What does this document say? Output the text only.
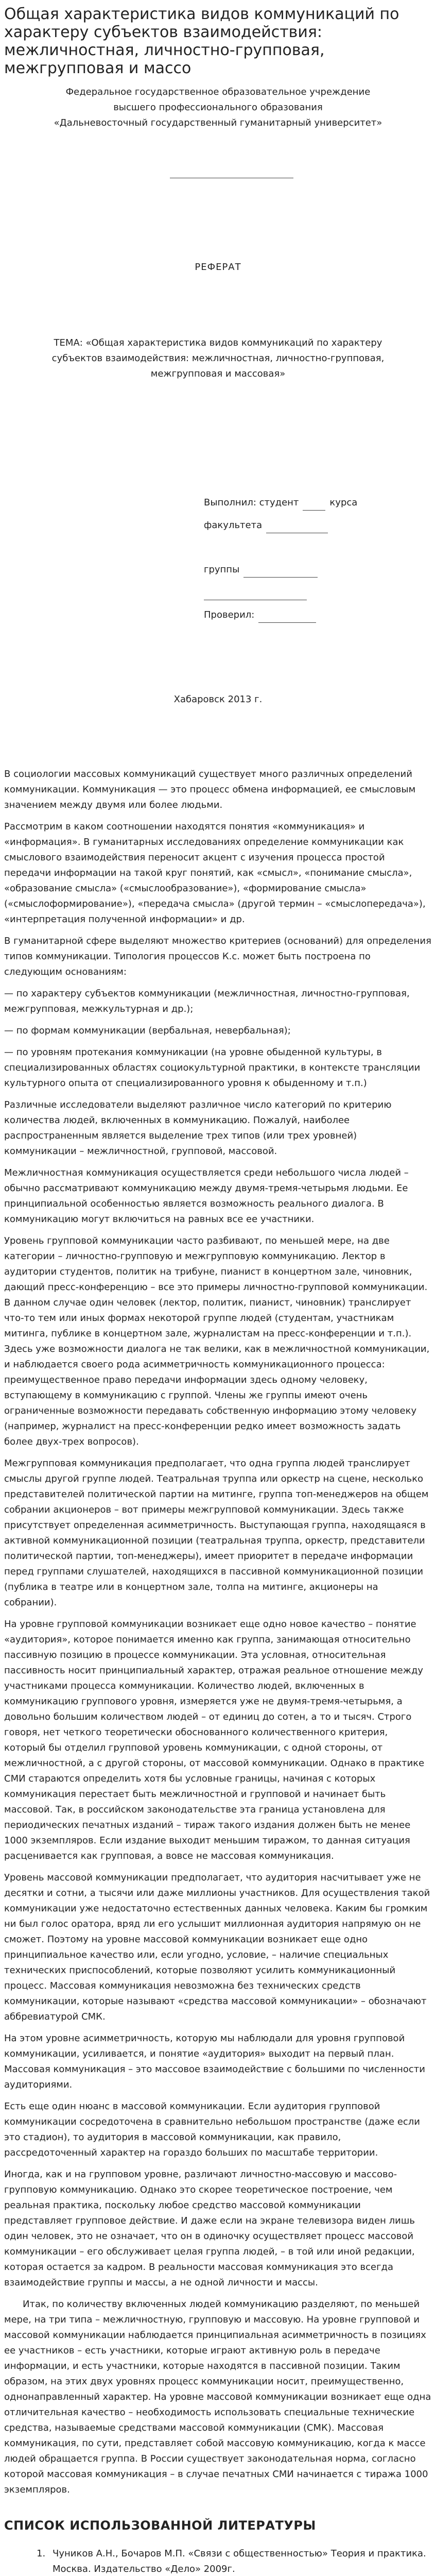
Общая характеристика видов коммуникаций по характеру субъектов взаимодействия: межличностная, личностно-групповая, межгрупповая и массо

Федеральное государственное образовательное учреждение

высшего профессионального образования

«Дальневосточный государственный гуманитарный университет»

РЕФЕРАТ
ТЕМА: «Общая характеристика видов коммуникаций по характеру субъектов взаимодействия: межличностная, личностно-групповая, межгрупповая и массовая»
Выполнил: студент	курса
факультета
группы
Проверил:
Хабаровск 2013 г.

В социологии массовых коммуникаций существует много различных определений коммуникации. Коммуникация — это процесс обмена информацией, ее смысловым значением между двумя или более людьми.

Рассмотрим в каком соотношении находятся понятия «коммуникация» и «информация». В гуманитарных исследованиях определение коммуникации как смыслового взаимодействия переносит акцент с изучения процесса простой передачи информации на такой круг понятий, как «смысл», «понимание смысла», «образование смысла» («смыслообразование»), «формирование смысла» («смыслоформирование»), «передача смысла» (другой термин – «смыслопередача»), «интерпретация полученной информации» и др.

В гуманитарной сфере выделяют множество критериев (оснований) для определения типов коммуникации. Типология процессов К.с. может быть построена по следующим основаниям:

— по характеру субъектов коммуникации (межличностная, личностно-групповая, межгрупповая, межкультурная и др.);

— по формам коммуникации (вербальная, невербальная);

— по уровням протекания коммуникации (на уровне обыденной культуры, в специализированных областях социокультурной практики, в контексте трансляции культурного опыта от специализированного уровня к обыденному и т.п.)

Различные исследователи выделяют различное число категорий по критерию количества людей, включенных в коммуникацию. Пожалуй, наиболее распространенным является выделение трех типов (или трех уровней) коммуникации – межличностной, групповой, массовой.

Межличностная коммуникация осуществляется среди небольшого числа людей – обычно рассматривают коммуникацию между двумя-тремя-четырьмя людьми. Ее принципиальной особенностью является возможность реального диалога. В коммуникацию могут включиться на равных все ее участники.

Уровень групповой коммуникации часто разбивают, по меньшей мере, на две категории – личностно-групповую и межгрупповую коммуникацию. Лектор в аудитории студентов, политик на трибуне, пианист в концертном зале, чиновник, дающий пресс-конференцию – все это примеры личностно-групповой коммуникации. В данном случае один человек (лектор, политик, пианист, чиновник) транслирует что-то тем или иных формах некоторой группе людей (студентам, участникам митинга, публике в концертном зале, журналистам на пресс-конференции и т.п.). Здесь уже возможности диалога не так велики, как в межличностной коммуникации, и наблюдается своего рода асимметричность коммуникационного процесса: преимущественное право передачи информации здесь одному человеку, вступающему в коммуникацию с группой. Члены же группы имеют очень ограниченные возможности передавать собственную информацию этому человеку (например, журналист на пресс-конференции редко имеет возможность задать более двух-трех вопросов).

Межгрупповая коммуникация предполагает, что одна группа людей транслирует смыслы другой группе людей. Театральная труппа или оркестр на сцене, несколько представителей политической партии на митинге, группа топ-менеджеров на общем собрании акционеров – вот примеры межгрупповой коммуникации. Здесь также присутствует определенная асимметричность. Выступающая группа, находящаяся в активной коммуникационной позиции (театральная труппа, оркестр, представители политической партии, топ-менеджеры), имеет приоритет в передаче информации перед группами слушателей, находящихся в пассивной коммуникационной позиции (публика в театре или в концертном зале, толпа на митинге, акционеры на собрании).

На уровне групповой коммуникации возникает еще одно новое качество – понятие «аудитория», которое понимается именно как группа, занимающая относительно пассивную позицию в процессе коммуникации. Эта условная, относительная пассивность носит принципиальный характер, отражая реальное отношение между участниками процесса коммуникации. Количество людей, включенных в коммуникацию группового уровня, измеряется уже не двумя-тремя-четырьмя, а довольно большим количеством людей – от единиц до сотен, а то и тысяч. Строго говоря, нет четкого теоретически обоснованного количественного критерия, который бы отделил групповой уровень коммуникации, с одной стороны, от межличностной, а с другой стороны, от массовой коммуникации. Однако в практике СМИ стараются определить хотя бы условные границы, начиная с которых коммуникация перестает быть межличностной и групповой и начинает быть массовой. Так, в российском законодательстве эта граница установлена для периодических печатных изданий – тираж такого издания должен быть не менее 1000 экземпляров. Если издание выходит меньшим тиражом, то данная ситуация расценивается как групповая, а вовсе не массовая коммуникация.

Уровень массовой коммуникации предполагает, что аудитория насчитывает уже не десятки и сотни, а тысячи или даже миллионы участников. Для осуществления такой коммуникации уже недостаточно естественных данных человека. Каким бы громким ни был голос оратора, вряд ли его услышит миллионная аудитория напрямую он не сможет. Поэтому на уровне массовой коммуникации возникает еще одно принципиальное качество или, если угодно, условие, – наличие специальных технических приспособлений, которые позволяют усилить коммуникационный процесс. Массовая коммуникация невозможна без технических средств коммуникации, которые называют «средства массовой коммуникации» – обозначают аббревиатурой СМК.

На этом уровне асимметричность, которую мы наблюдали для уровня групповой коммуникации, усиливается, и понятие «аудитория» выходит на первый план. Массовая коммуникация – это массовое взаимодействие с большими по численности аудиториями.

Есть еще один нюанс в массовой коммуникации. Если аудитория групповой коммуникации сосредоточена в сравнительно небольшом пространстве (даже если это стадион), то аудитория в массовой коммуникации, как правило, рассредоточенный характер на гораздо больших по масштабе территории.

Иногда, как и на групповом уровне, различают личностно-массовую и массово-групповую коммуникацию. Однако это скорее теоретическое построение, чем реальная практика, поскольку любое средство массовой коммуникации представляет групповое действие. И даже если на экране телевизора виден лишь один человек, это не означает, что он в одиночку осуществляет процесс массовой коммуникации – его обслуживает целая группа людей, – в той или иной редакции, которая остается за кадром. В реальности массовая коммуникация это всегда взаимодействие группы и массы, а не одной личности и массы.

Итак, по количеству включенных людей коммуникацию разделяют, по меньшей мере, на три типа – межличностную, групповую и массовую. На уровне групповой и массовой коммуникации наблюдается принципиальная асимметричность в позициях ее участников – есть участники, которые играют активную роль в передаче информации, и есть участники, которые находятся в пассивной позиции. Таким образом, на этих двух уровнях процесс коммуникации носит, преимущественно, однонаправленный характер. На уровне массовой коммуникации возникает еще одна отличительная качество – необходимость использовать специальные технические средства, называемые средствами массовой коммуникации (СМК). Массовая коммуникация, по сути, представляет собой массовую коммуникацию, когда к массе людей обращается группа. В России существует законодательная норма, согласно которой массовая коммуникация – в случае печатных СМИ начинается с тиража 1000 экземпляров.

СПИСОК ИСПОЛЬЗОВАННОЙ ЛИТЕРАТУРЫ
1. Чуников А.Н., Бочаров М.П. «Связи с общественностью» Теория и практика. Москва. Издательство «Дело» 2009г.
